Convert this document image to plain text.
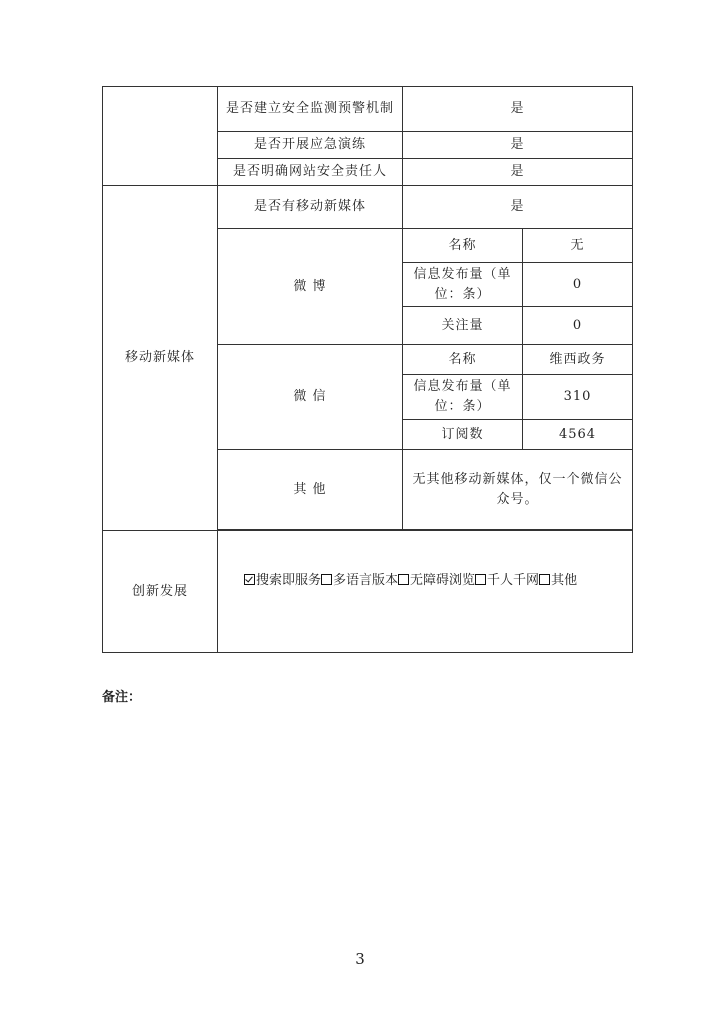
	是否建立安全监测预警机制	是	
	是否开展应急演练	是	
	是否明确网站安全责任人	是	
移动新媒体	是否有移动新媒体	是	
	微 博	名称	无
		信息发布量（单位：条）	0
		关注量	0
	微 信	名称	维西政务
		信息发布量（单位：条）	310
		订阅数	4564
	其 他	无其他移动新媒体，仅一个微信公众号。	

创新发展	搜索即服务 多语言版本 无障碍浏览 千人千网 其他		
备注：
3
